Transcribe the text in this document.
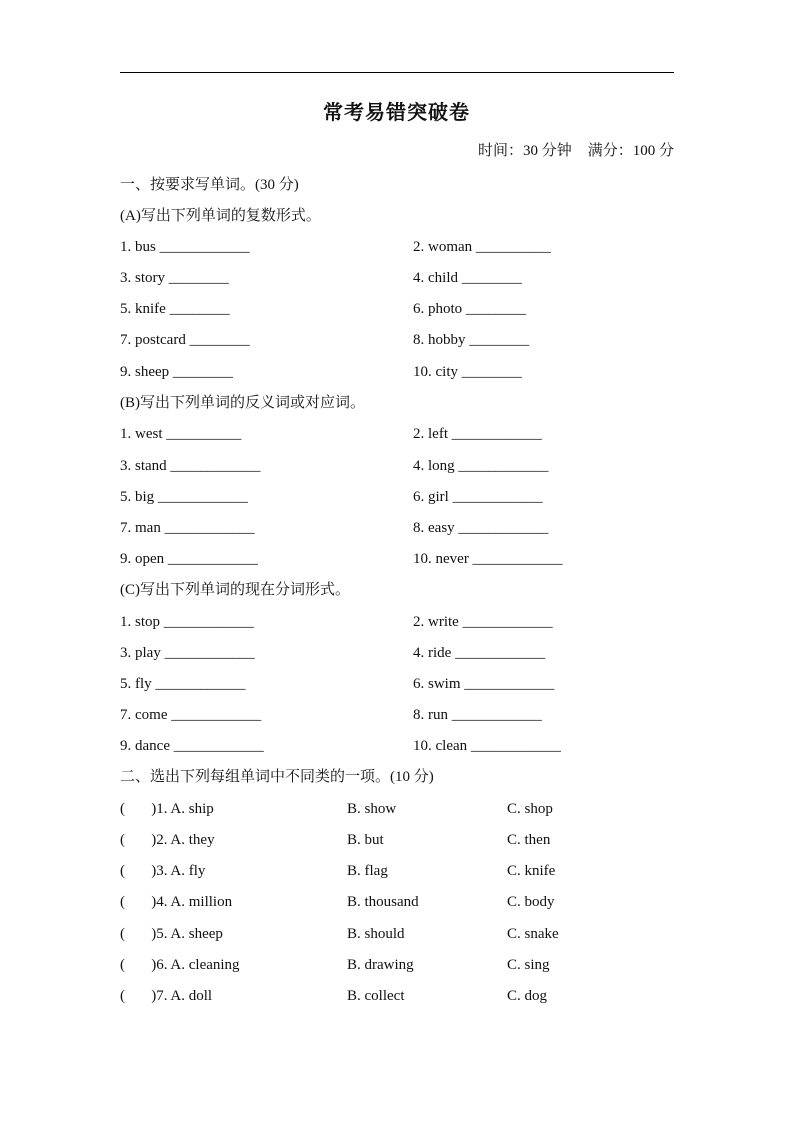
常考易错突破卷
时间：30 分钟 满分：100 分
一、按要求写单词。(30 分)
(A)写出下列单词的复数形式。
1. bus ____________	2. woman __________
3. story ________	4. child ________
5. knife ________	6. photo ________
7. postcard ________	8. hobby ________
9. sheep ________	10. city ________
(B)写出下列单词的反义词或对应词。
1. west __________	2. left ____________
3. stand ____________	4. long ____________
5. big ____________	6. girl ____________
7. man ____________	8. easy ____________
9. open ____________	10. never ____________
(C)写出下列单词的现在分词形式。
1. stop ____________	2. write ____________
3. play ____________	4. ride ____________
5. fly ____________	6. swim ____________
7. come ____________	8. run ____________
9. dance ____________	10. clean ____________
二、选出下列每组单词中不同类的一项。(10 分)
(       )1. A. ship	B. show	C. shop
(       )2. A. they	B. but	C. then
(       )3. A. fly	B. flag	C. knife
(       )4. A. million	B. thousand	C. body
(       )5. A. sheep	B. should	C. snake
(       )6. A. cleaning	B. drawing	C. sing
(       )7. A. doll	B. collect	C. dog
